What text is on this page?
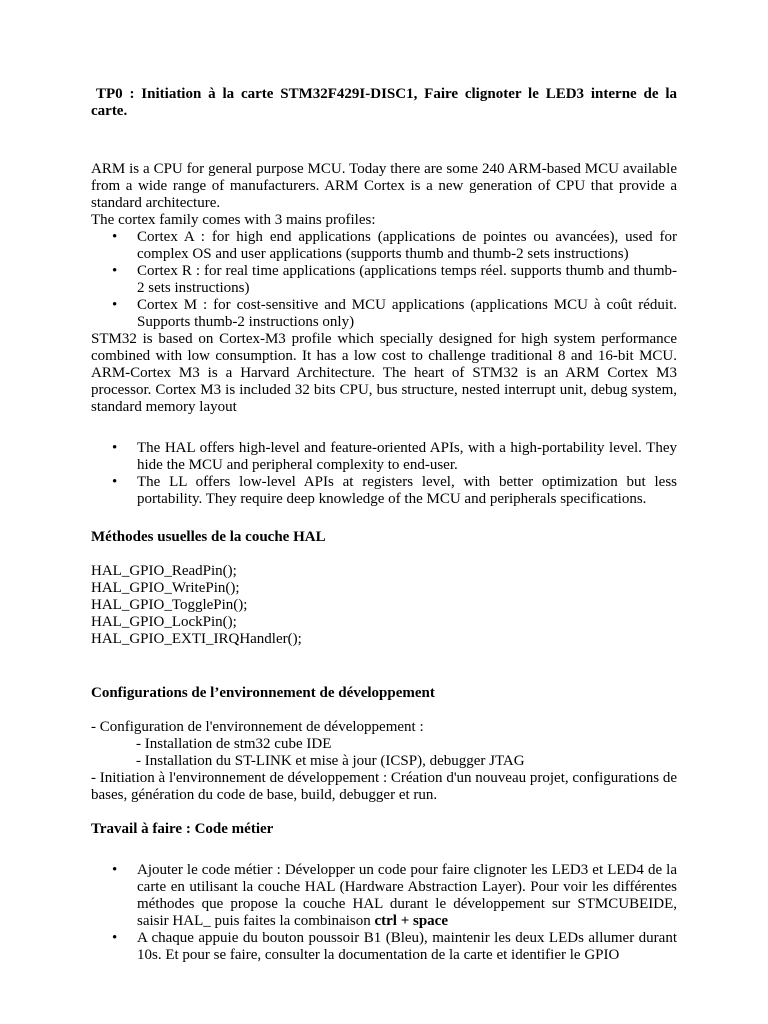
TP0 : Initiation à la carte STM32F429I-DISC1, Faire clignoter le LED3 interne de la carte.

ARM is a CPU for general purpose MCU. Today there are some 240 ARM-based MCU available from a wide range of manufacturers. ARM Cortex is a new generation of CPU that provide a standard architecture.

The cortex family comes with 3 mains profiles:

• Cortex A : for high end applications (applications de pointes ou avancées), used for complex OS and user applications (supports thumb and thumb-2 sets instructions)
• Cortex R : for real time applications (applications temps réel. supports thumb and thumb-2 sets instructions)
• Cortex M : for cost-sensitive and MCU applications (applications MCU à coût réduit. Supports thumb-2 instructions only)

STM32 is based on Cortex-M3 profile which specially designed for high system performance combined with low consumption. It has a low cost to challenge traditional 8 and 16-bit MCU. ARM-Cortex M3 is a Harvard Architecture. The heart of STM32 is an ARM Cortex M3 processor. Cortex M3 is included 32 bits CPU, bus structure, nested interrupt unit, debug system, standard memory layout

• The HAL offers high-level and feature-oriented APIs, with a high-portability level. They hide the MCU and peripheral complexity to end-user.
• The LL offers low-level APIs at registers level, with better optimization but less portability. They require deep knowledge of the MCU and peripherals specifications.

Méthodes usuelles de la couche HAL

HAL_GPIO_ReadPin();

HAL_GPIO_WritePin();

HAL_GPIO_TogglePin();

HAL_GPIO_LockPin();

HAL_GPIO_EXTI_IRQHandler();

Configurations de l’environnement de développement

- Configuration de l'environnement de développement :

- Installation de stm32 cube IDE

- Installation du ST-LINK et mise à jour (ICSP), debugger JTAG

- Initiation à l'environnement de développement : Création d'un nouveau projet, configurations de bases, génération du code de base, build, debugger et run.

Travail à faire : Code métier

• Ajouter le code métier : Développer un code pour faire clignoter les LED3 et LED4 de la carte en utilisant la couche HAL (Hardware Abstraction Layer). Pour voir les différentes méthodes que propose la couche HAL durant le développement sur STMCUBEIDE, saisir HAL_ puis faites la combinaison ctrl + space
• A chaque appuie du bouton poussoir B1 (Bleu), maintenir les deux LEDs allumer durant 10s. Et pour se faire, consulter la documentation de la carte et identifier le GPIO
